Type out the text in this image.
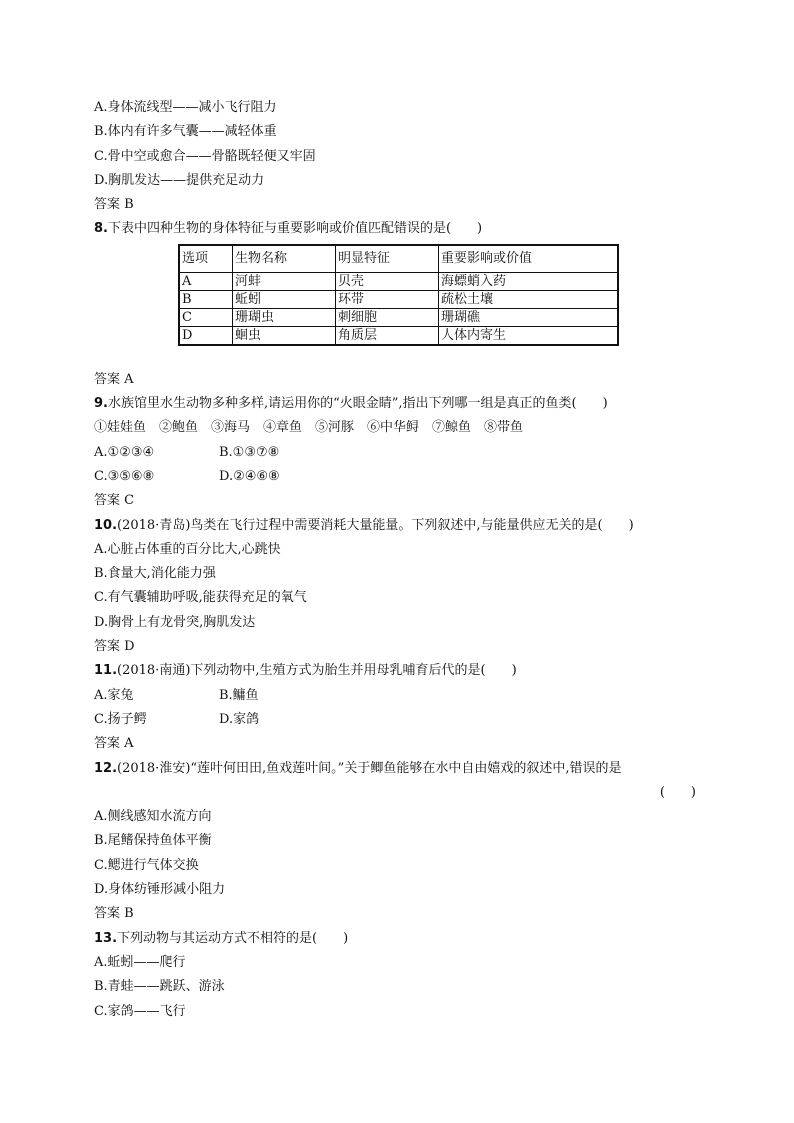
A.身体流线型——减小飞行阻力
B.体内有许多气囊——减轻体重
C.骨中空或愈合——骨骼既轻便又牢固
D.胸肌发达——提供充足动力
答案 B
8.下表中四种生物的身体特征与重要影响或价值匹配错误的是(　　)
选项	生物名称	明显特征	重要影响或价值
A	河蚌	贝壳	海螵蛸入药
B	蚯蚓	环带	疏松土壤
C	珊瑚虫	刺细胞	珊瑚礁
D	蛔虫	角质层	人体内寄生
答案 A
9.水族馆里水生动物多种多样,请运用你的“火眼金睛”,指出下列哪一组是真正的鱼类(　　)
①娃娃鱼　②鲍鱼　③海马　④章鱼　⑤河豚　⑥中华鲟　⑦鲸鱼　⑧带鱼
A.①②③④	B.①③⑦⑧
C.③⑤⑥⑧	D.②④⑥⑧
答案 C
10.(2018·青岛)鸟类在飞行过程中需要消耗大量能量。下列叙述中,与能量供应无关的是(　　)
A.心脏占体重的百分比大,心跳快
B.食量大,消化能力强
C.有气囊辅助呼吸,能获得充足的氧气
D.胸骨上有龙骨突,胸肌发达
答案 D
11.(2018·南通)下列动物中,生殖方式为胎生并用母乳哺育后代的是(　　)
A.家兔	B.鳙鱼
C.扬子鳄	D.家鸽
答案 A
12.(2018·淮安)“莲叶何田田,鱼戏莲叶间。”关于鲫鱼能够在水中自由嬉戏的叙述中,错误的是
(　　)
A.侧线感知水流方向
B.尾鳍保持鱼体平衡
C.鳃进行气体交换
D.身体纺锤形减小阻力
答案 B
13.下列动物与其运动方式不相符的是(　　)
A.蚯蚓——爬行
B.青蛙——跳跃、游泳
C.家鸽——飞行
